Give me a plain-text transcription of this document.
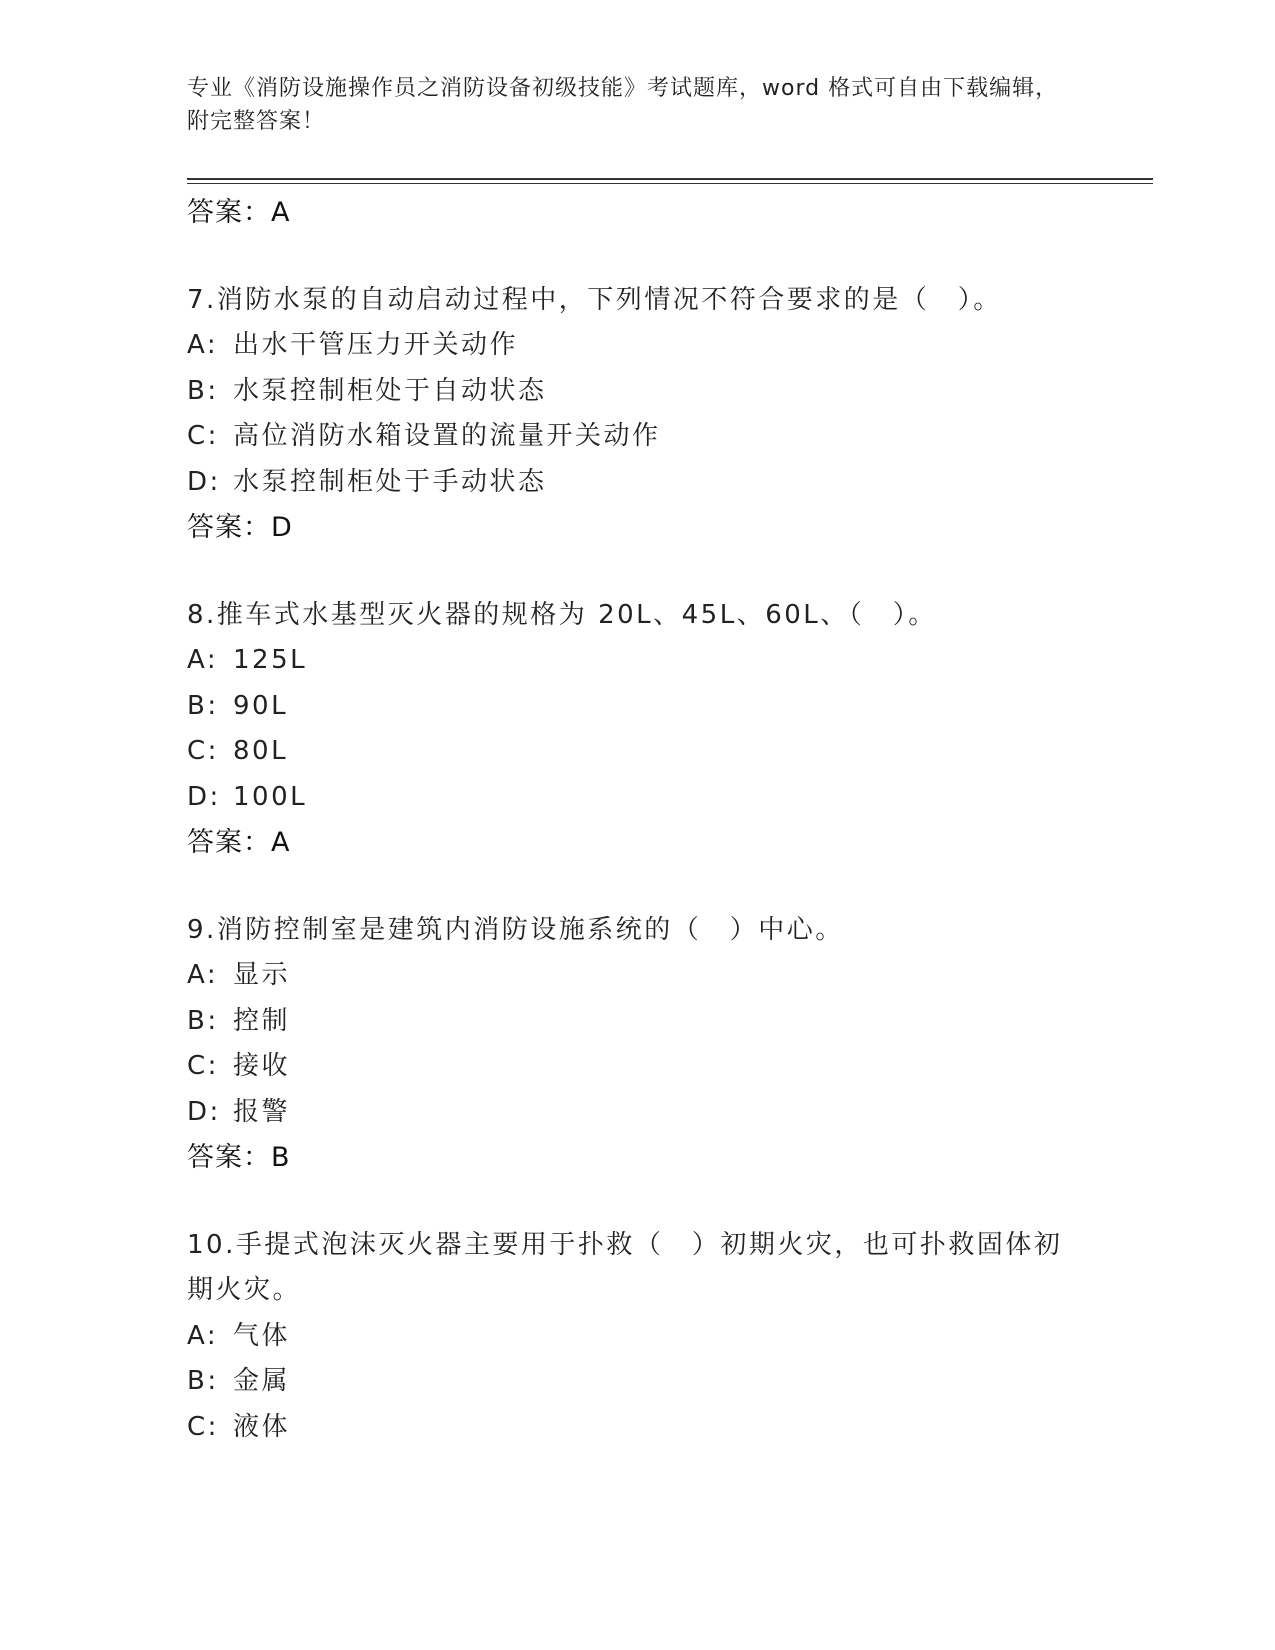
专业《消防设施操作员之消防设备初级技能》考试题库，word 格式可自由下载编辑，附完整答案！
答案：A
7.消防水泵的自动启动过程中，下列情况不符合要求的是（　）。
A: 出水干管压力开关动作
B: 水泵控制柜处于自动状态
C: 高位消防水箱设置的流量开关动作
D: 水泵控制柜处于手动状态
答案：D
8.推车式水基型灭火器的规格为 20L、45L、60L、（　）。
A: 125L
B: 90L
C: 80L
D: 100L
答案：A
9.消防控制室是建筑内消防设施系统的（　）中心。
A: 显示
B: 控制
C: 接收
D: 报警
答案：B
10.手提式泡沫灭火器主要用于扑救（　）初期火灾，也可扑救固体初期火灾。
A: 气体
B: 金属
C: 液体
